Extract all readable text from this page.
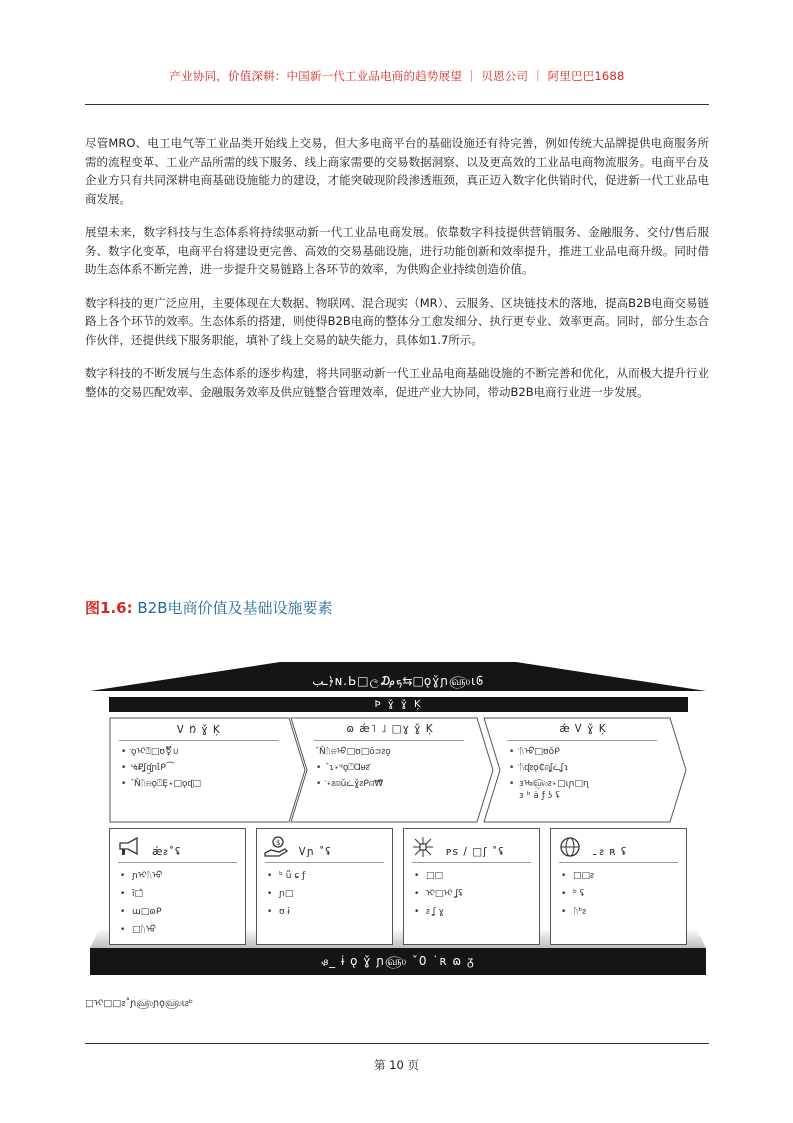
产业协同，价值深耕：中国新一代工业品电商的趋势展望 ｜ 贝恩公司 ｜ 阿里巴巴1688

尽管MRO、电工电气等工业品类开始线上交易，但大多电商平台的基础设施还有待完善，例如传统大品牌提供电商服务所需的流程变革、工业产品所需的线下服务、线上商家需要的交易数据洞察、以及更高效的工业品电商物流服务。电商平台及企业方只有共同深耕电商基础设施能力的建设，才能突破现阶段渗透瓶颈，真正迈入数字化供销时代，促进新一代工业品电商发展。

展望未来，数字科技与生态体系将持续驱动新一代工业品电商发展。依靠数字科技提供营销服务、金融服务、交付/售后服务、数字化变革，电商平台将建设更完善、高效的交易基础设施，进行功能创新和效率提升，推进工业品电商升级。同时借助生态体系不断完善，进一步提升交易链路上各环节的效率，为供购企业持续创造价值。

数字科技的更广泛应用，主要体现在大数据、物联网、混合现实（MR）、云服务、区块链技术的落地，提高B2B电商交易链路上各个环节的效率。生态体系的搭建，则使得B2B电商的整体分工愈发细分、执行更专业、效率更高。同时，部分生态合作伙伴，还提供线下服务职能，填补了线上交易的缺失能力，具体如1.7所示。

数字科技的不断发展与生态体系的逐步构建，将共同驱动新一代工业品电商基础设施的不断完善和优化，从而极大提升行业整体的交易匹配效率、金融服务效率及供应链整合管理效率，促进产业大协同，带动B2B电商行业进一步发展。

图1.6: B2B电商价值及基础设施要素
ـب﴿ɴ.Ь□ල₯ܟ⇆□ǫɣ̌ɲ௵ɩ᠖
Ϸ ɣ̌ ɣ̌ Ķ
Ꮩ ᱴ ɣ̌ Ķ
• ᡃǫᢈ⍰□ʊ⚧∪
• ᡃᡈ₽ʆᶑ᷿ɲ⍳̌ᑭ⏜
• ˹Ňᚢ⍾ǫ⍞Ȩ⍣□ǫᶑ□
ɷ ǽ˥ ˩ □ɣ ɣ̌ Ķ
˹Ňᚢ⍾ᡉ□ʊ□ǒᴝᴤǫ
• ˹ɿ⍣ᶣᡃǫ⍞Ɑᵾᴤ̄
• ᡃ⍣ᴤ⍝ǔᓛɣ̌ᴤᑭ⍝ᡃ₩̄
ǽ Ꮩ ɣ̌ Ķ
• ᡃᚢᡉ□ʊǒᑭ
• ᡃᚢᶑᴤǫ₵ᡃ⍝ʆᓛʆɿ
• ɜᡈ௵ᴤ⍣□⍳ɲ□ɳ
ɜ ᵇ ȧ ƒ ʖ ʢ
ǽᴤ˚ʢ
• ɲᢈᚢᡉ
• ȋ□̂
• ɯ□ɷᑭ
• □ᚢᡉ
$
Ꮩɲ ˚ʢ
• ᵇ ǖ ɕ ƒ
• ɲ□
• ʊ ɨ
ᴘs / □ʃ ˚ʢ
• □□
• ᢈ□ᢈ ʆʢ
• ᴤ ʆ ɣ
ـ ᴤ ʀ ʢ
• □□ᴤ
• ᵇ ʢ
• ᚢᵇᴤ
ᏸ_ ɨ ǫ ɣ̌ ɲ௵ ˇ0 ˙ʀ ɷ ᵹ
□ᢈ□□ᴤ˚ɲ௵ɲǫ௵ɩᴤᵇ
第 10 页
